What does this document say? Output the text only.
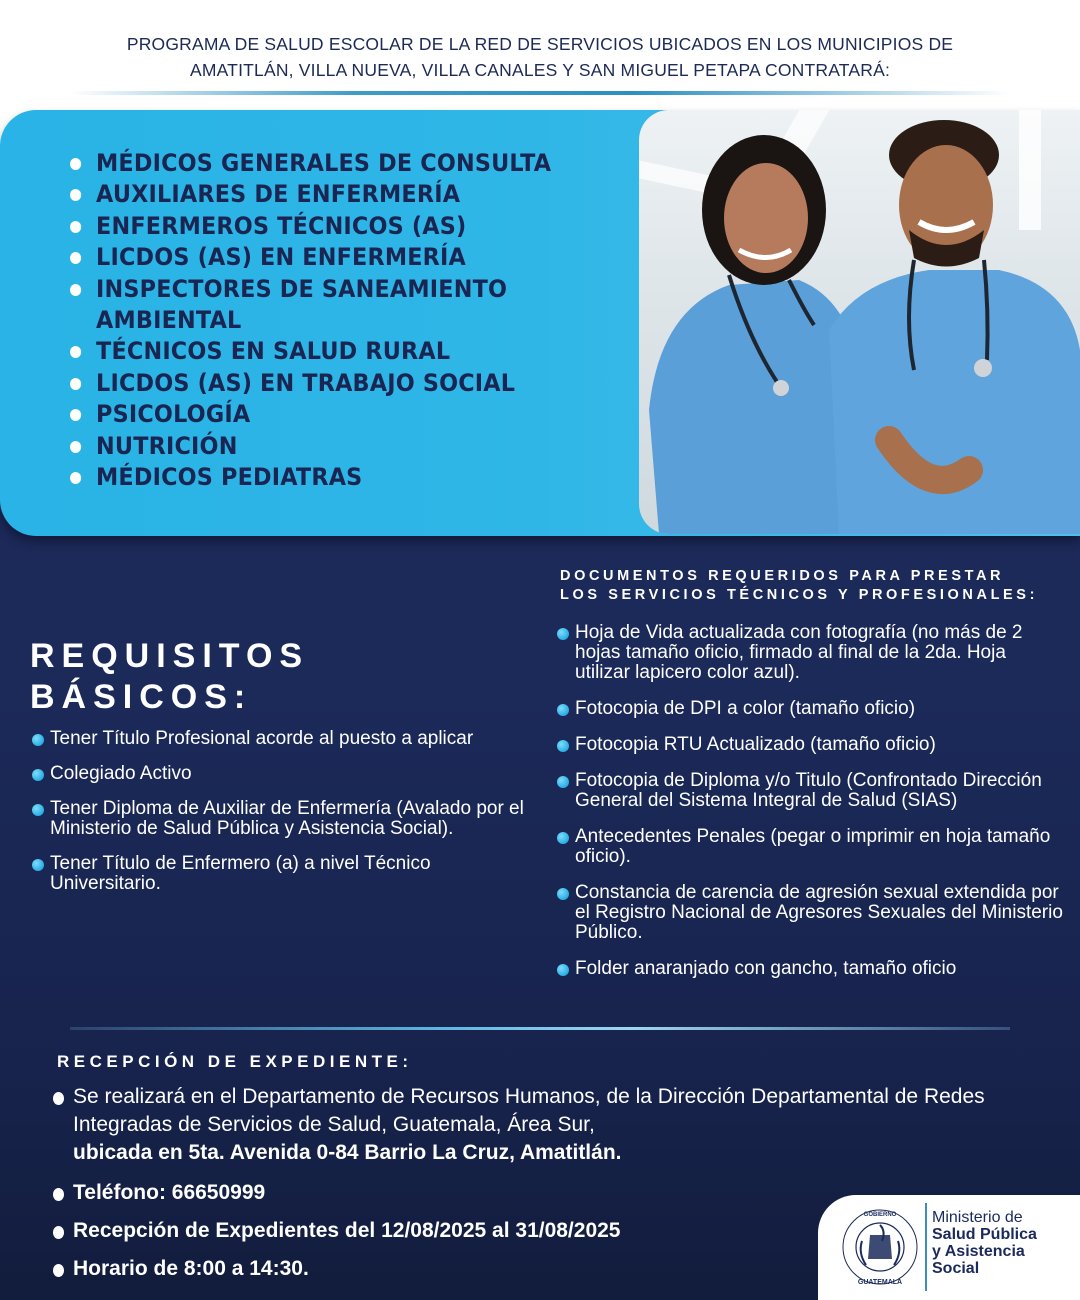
PROGRAMA DE SALUD ESCOLAR DE LA RED DE SERVICIOS UBICADOS EN LOS MUNICIPIOS DE
AMATITLÁN, VILLA NUEVA, VILLA CANALES Y SAN MIGUEL PETAPA CONTRATARÁ:
MÉDICOS GENERALES DE CONSULTA
AUXILIARES DE ENFERMERÍA
ENFERMEROS TÉCNICOS (AS)
LICDOS (AS) EN ENFERMERÍA
INSPECTORES DE SANEAMIENTO AMBIENTAL
TÉCNICOS EN SALUD RURAL
LICDOS (AS) EN TRABAJO SOCIAL
PSICOLOGÍA
NUTRICIÓN
MÉDICOS PEDIATRAS
DOCUMENTOS REQUERIDOS PARA PRESTAR
LOS SERVICIOS TÉCNICOS Y PROFESIONALES:
REQUISITOS
BÁSICOS:
Tener Título Profesional acorde al puesto a aplicar
Colegiado Activo
Tener Diploma de Auxiliar de Enfermería (Avalado por el Ministerio de Salud Pública y Asistencia Social).
Tener Título de Enfermero (a) a nivel Técnico Universitario.
Hoja de Vida actualizada con fotografía (no más de 2 hojas tamaño oficio, firmado al final de la 2da. Hoja utilizar lapicero color azul).
Fotocopia de DPI a color (tamaño oficio)
Fotocopia RTU Actualizado (tamaño oficio)
Fotocopia de Diploma y/o Titulo (Confrontado Dirección General del Sistema Integral de Salud (SIAS)
Antecedentes Penales (pegar o imprimir en hoja tamaño oficio).
Constancia de carencia de agresión sexual extendida por el Registro Nacional de Agresores Sexuales del Ministerio Público.
Folder anaranjado con gancho, tamaño oficio
RECEPCIÓN DE EXPEDIENTE:
Se realizará en el Departamento de Recursos Humanos, de la Dirección Departamental de Redes Integradas de Servicios de Salud, Guatemala, Área Sur,
ubicada en 5ta. Avenida 0-84 Barrio La Cruz, Amatitlán.
Teléfono: 66650999
Recepción de Expedientes del 12/08/2025 al 31/08/2025
Horario de 8:00 a 14:30.
GOBIERNO
GUATEMALA
Ministerio de
Salud Pública
y Asistencia
Social
